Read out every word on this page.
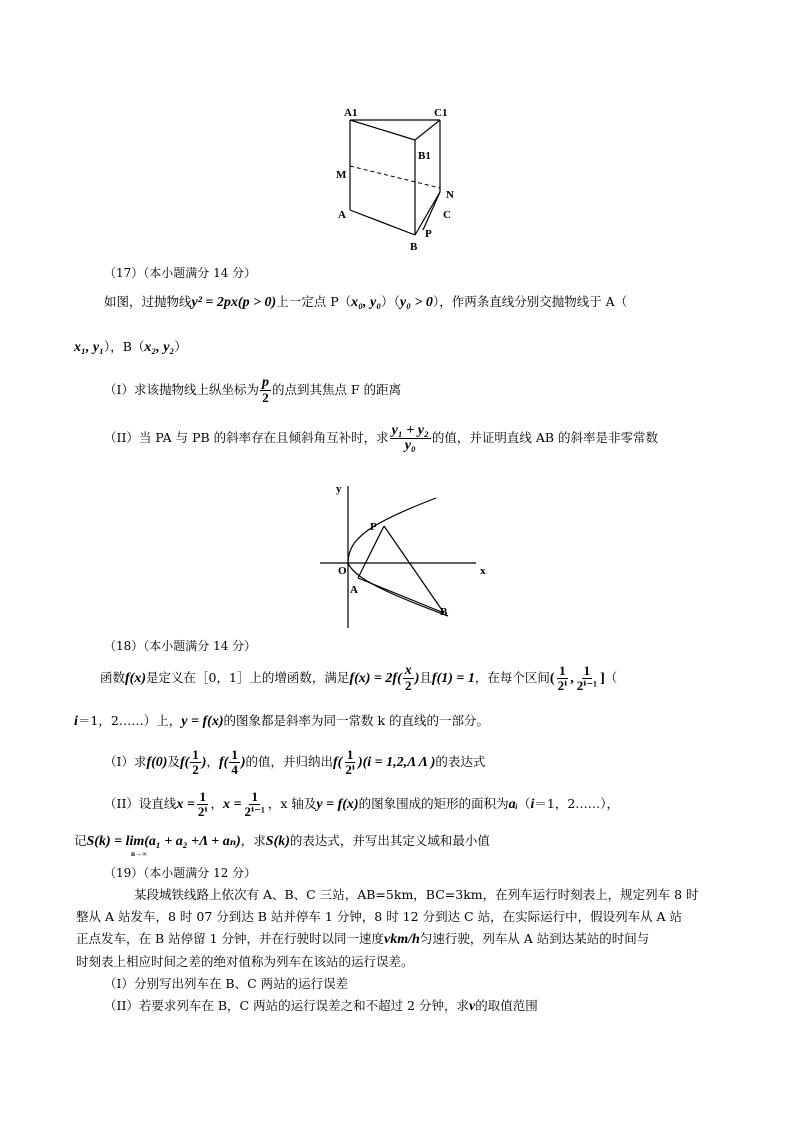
A1	C1
B1
M
N
A	C
B
P
（17）（本小题满分 14 分）
如图，过抛物线y² = 2px(p > 0)上一定点 P（x₀, y₀）（y₀ > 0），作两条直线分别交抛物线于 A（
x₁, y₁），B（x₂, y₂）
（I）求该抛物线上纵坐标为 $\frac{p}{2}$ 的点到其焦点 F 的距离
（II）当 PA 与 PB 的斜率存在且倾斜角互补时，求 $\frac{\text{y₁ + y₂}}{\text{y₀}}$ 的值，并证明直线 AB 的斜率是非零常数
y
x
O
P
A
B
（18）（本小题满分 14 分）
函数f(x)是定义在［0，1］上的增函数，满足$f(x) = 2f( \frac{x}{2}$ )且f(1) = 1，在每个区间( $\frac{1}{\text{2ⁱ}}$ , $\frac{1}{\text{2ⁱ⁻¹}}$ ]（
i＝1，2……）上，y = f(x)的图象都是斜率为同一常数 k 的直线的一部分。
（I）求f(0)及$f( \frac{1}{2}$ )，$f( \frac{1}{4}$ )的值，并归纳出$f( \frac{1}{\text{2ⁱ}} )(i = 1,2,\Lambda$ Λ )的表达式
（II）设直线$x = \frac{1}{\text{2ⁱ}}$ ，$x = \frac{1}{\text{2ⁱ⁻¹}}$ ，x 轴及y = f(x)的图象围成的矩形的面积为aᵢ（i＝1，2……），
记S(k) = lim(a₁ + a₂ +Λ + aₙ)，求S(k)的表达式，并写出其定义域和最小值
n→∞
（19）（本小题满分 12 分）

某段城铁线路上依次有 A、B、C 三站，AB=5km，BC=3km，在列车运行时刻表上，规定列车 8 时

整从 A 站发车，8 时 07 分到达 B 站并停车 1 分钟，8 时 12 分到达 C 站，在实际运行中，假设列车从 A 站

正点发车，在 B 站停留 1 分钟，并在行驶时以同一速度vkm/h匀速行驶，列车从 A 站到达某站的时间与

时刻表上相应时间之差的绝对值称为列车在该站的运行误差。

（I）分别写出列车在 B、C 两站的运行误差

（II）若要求列车在 B，C 两站的运行误差之和不超过 2 分钟，求v的取值范围
